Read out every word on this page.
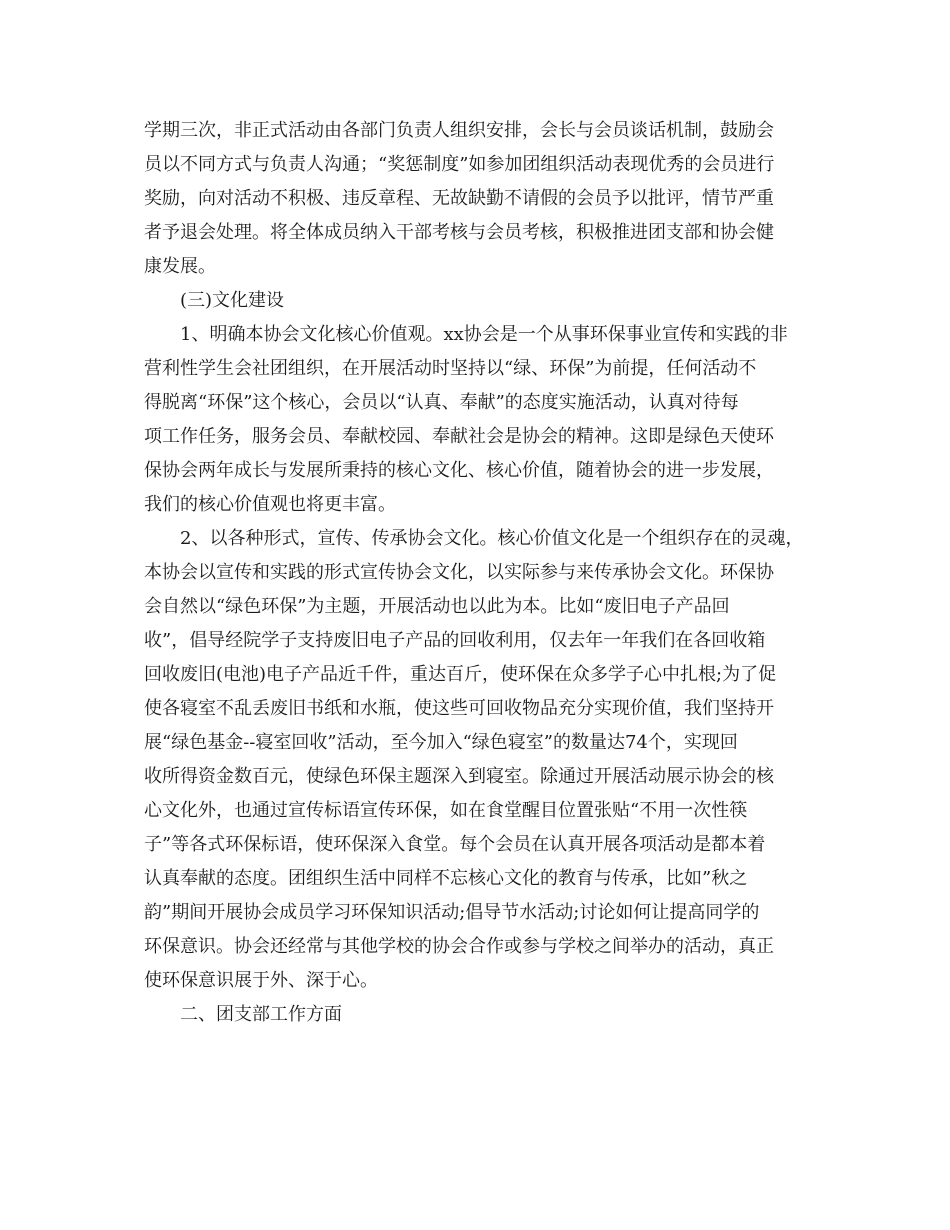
学期三次，非正式活动由各部门负责人组织安排，会长与会员谈话机制，鼓励会
员以不同方式与负责人沟通；“奖惩制度”如参加团组织活动表现优秀的会员进行
奖励，向对活动不积极、违反章程、无故缺勤不请假的会员予以批评，情节严重
者予退会处理。将全体成员纳入干部考核与会员考核，积极推进团支部和协会健
康发展。
(三)文化建设
1、明确本协会文化核心价值观。xx协会是一个从事环保事业宣传和实践的非
营利性学生会社团组织，在开展活动时坚持以“绿、环保”为前提，任何活动不
得脱离“环保”这个核心，会员以“认真、奉献”的态度实施活动，认真对待每
项工作任务，服务会员、奉献校园、奉献社会是协会的精神。这即是绿色天使环
保协会两年成长与发展所秉持的核心文化、核心价值，随着协会的进一步发展，
我们的核心价值观也将更丰富。
2、以各种形式，宣传、传承协会文化。核心价值文化是一个组织存在的灵魂，
本协会以宣传和实践的形式宣传协会文化，以实际参与来传承协会文化。环保协
会自然以“绿色环保”为主题，开展活动也以此为本。比如“废旧电子产品回
收”，倡导经院学子支持废旧电子产品的回收利用，仅去年一年我们在各回收箱
回收废旧(电池)电子产品近千件，重达百斤，使环保在众多学子心中扎根;为了促
使各寝室不乱丢废旧书纸和水瓶，使这些可回收物品充分实现价值，我们坚持开
展“绿色基金--寝室回收”活动，至今加入“绿色寝室”的数量达74个，实现回
收所得资金数百元，使绿色环保主题深入到寝室。除通过开展活动展示协会的核
心文化外，也通过宣传标语宣传环保，如在食堂醒目位置张贴“不用一次性筷
子”等各式环保标语，使环保深入食堂。每个会员在认真开展各项活动是都本着
认真奉献的态度。团组织生活中同样不忘核心文化的教育与传承，比如”秋之
韵”期间开展协会成员学习环保知识活动;倡导节水活动;讨论如何让提高同学的
环保意识。协会还经常与其他学校的协会合作或参与学校之间举办的活动，真正
使环保意识展于外、深于心。
二、团支部工作方面
